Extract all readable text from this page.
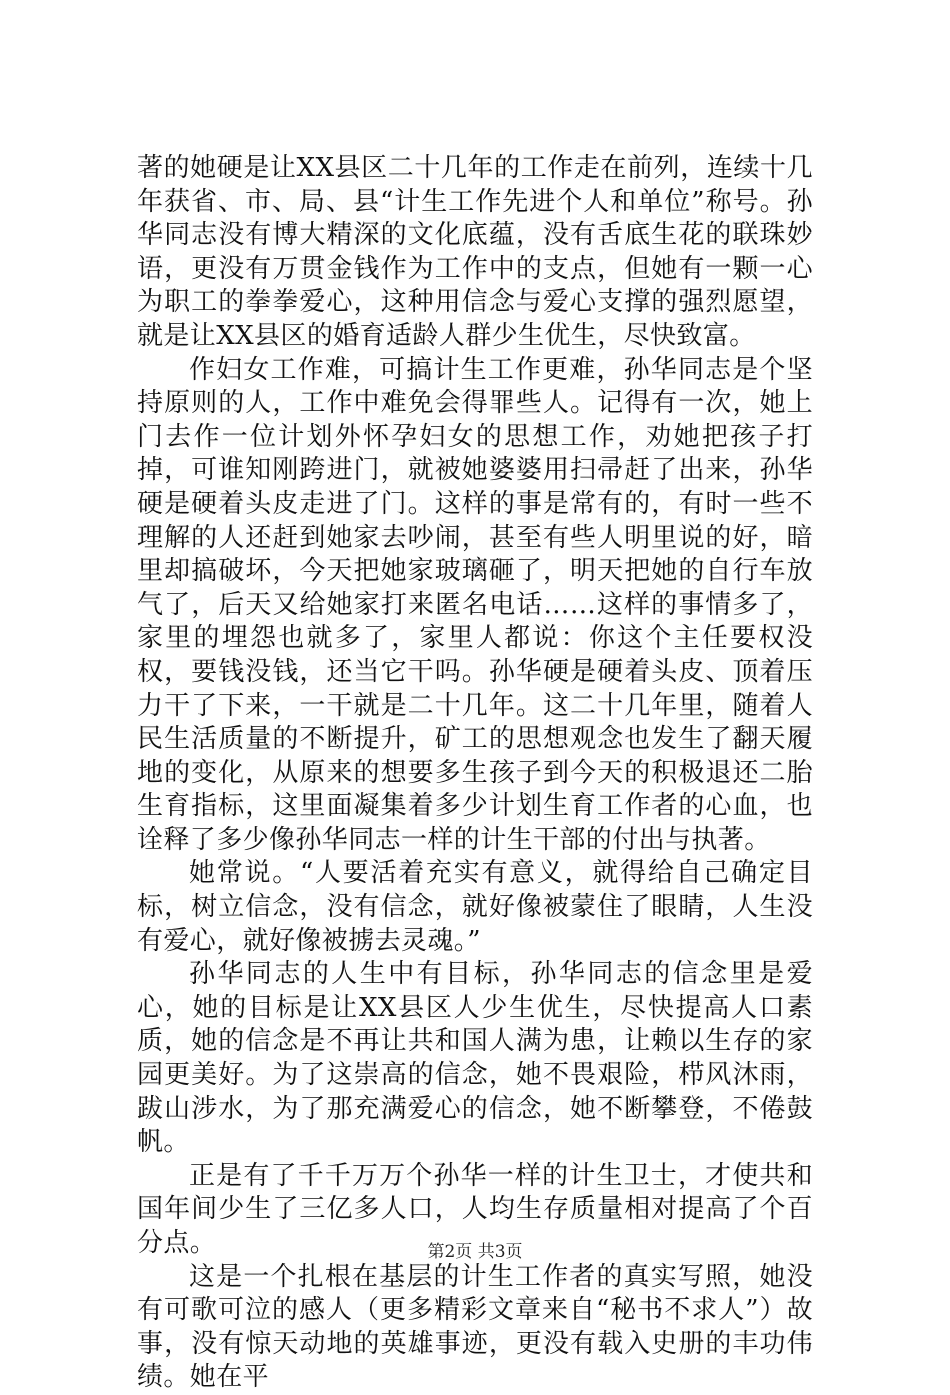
著的她硬是让XX县区二十几年的工作走在前列，连续十几年获省、市、局、县“计生工作先进个人和单位”称号。孙华同志没有博大精深的文化底蕴，没有舌底生花的联珠妙语，更没有万贯金钱作为工作中的支点，但她有一颗一心为职工的拳拳爱心，这种用信念与爱心支撑的强烈愿望，就是让XX县区的婚育适龄人群少生优生，尽快致富。

作妇女工作难，可搞计生工作更难，孙华同志是个坚持原则的人，工作中难免会得罪些人。记得有一次，她上门去作一位计划外怀孕妇女的思想工作，劝她把孩子打掉，可谁知刚跨进门，就被她婆婆用扫帚赶了出来，孙华硬是硬着头皮走进了门。这样的事是常有的，有时一些不理解的人还赶到她家去吵闹，甚至有些人明里说的好，暗里却搞破坏，今天把她家玻璃砸了，明天把她的自行车放气了，后天又给她家打来匿名电话……这样的事情多了，家里的埋怨也就多了，家里人都说：你这个主任要权没权，要钱没钱，还当它干吗。孙华硬是硬着头皮、顶着压力干了下来，一干就是二十几年。这二十几年里，随着人民生活质量的不断提升，矿工的思想观念也发生了翻天履地的变化，从原来的想要多生孩子到今天的积极退还二胎生育指标，这里面凝集着多少计划生育工作者的心血，也诠释了多少像孙华同志一样的计生干部的付出与执著。

她常说。“人要活着充实有意义，就得给自己确定目标，树立信念，没有信念，就好像被蒙住了眼睛，人生没有爱心，就好像被掳去灵魂。”

孙华同志的人生中有目标，孙华同志的信念里是爱心，她的目标是让XX县区人少生优生，尽快提高人口素质，她的信念是不再让共和国人满为患，让赖以生存的家园更美好。为了这崇高的信念，她不畏艰险，栉风沐雨，跋山涉水，为了那充满爱心的信念，她不断攀登，不倦鼓帆。

正是有了千千万万个孙华一样的计生卫士，才使共和国年间少生了三亿多人口，人均生存质量相对提高了个百分点。

这是一个扎根在基层的计生工作者的真实写照，她没有可歌可泣的感人（更多精彩文章来自“秘书不求人”）故事，没有惊天动地的英雄事迹，更没有载入史册的丰功伟绩。她在平

第2页 共3页
